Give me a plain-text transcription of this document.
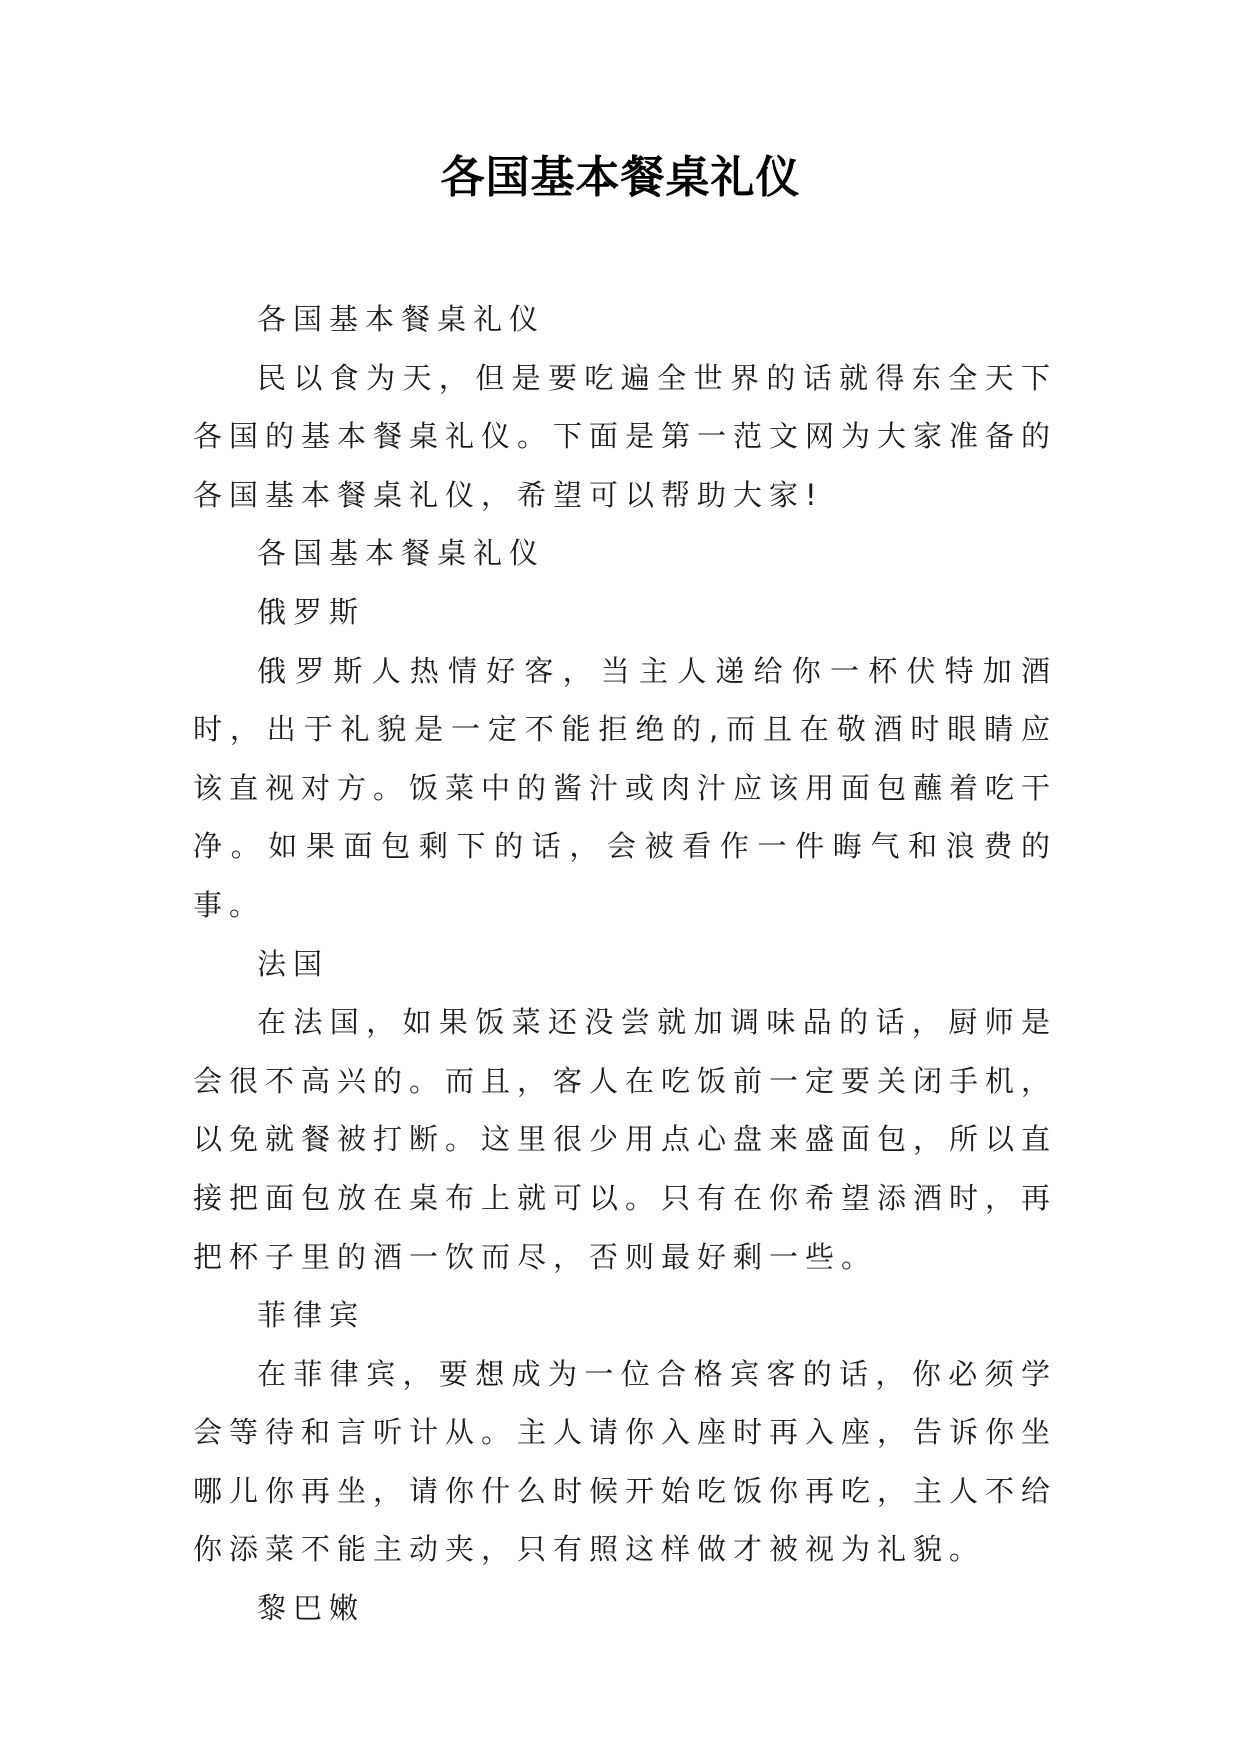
各国基本餐桌礼仪

各国基本餐桌礼仪

民以食为天，但是要吃遍全世界的话就得东全天下各国的基本餐桌礼仪。下面是第一范文网为大家准备的各国基本餐桌礼仪，希望可以帮助大家!

各国基本餐桌礼仪

俄罗斯

俄罗斯人热情好客，当主人递给你一杯伏特加酒时，出于礼貌是一定不能拒绝的,而且在敬酒时眼睛应该直视对方。饭菜中的酱汁或肉汁应该用面包蘸着吃干净。如果面包剩下的话，会被看作一件晦气和浪费的事。

法国

在法国，如果饭菜还没尝就加调味品的话，厨师是会很不高兴的。而且，客人在吃饭前一定要关闭手机，以免就餐被打断。这里很少用点心盘来盛面包，所以直接把面包放在桌布上就可以。只有在你希望添酒时，再把杯子里的酒一饮而尽，否则最好剩一些。

菲律宾

在菲律宾，要想成为一位合格宾客的话，你必须学会等待和言听计从。主人请你入座时再入座，告诉你坐哪儿你再坐，请你什么时候开始吃饭你再吃，主人不给你添菜不能主动夹，只有照这样做才被视为礼貌。

黎巴嫩
